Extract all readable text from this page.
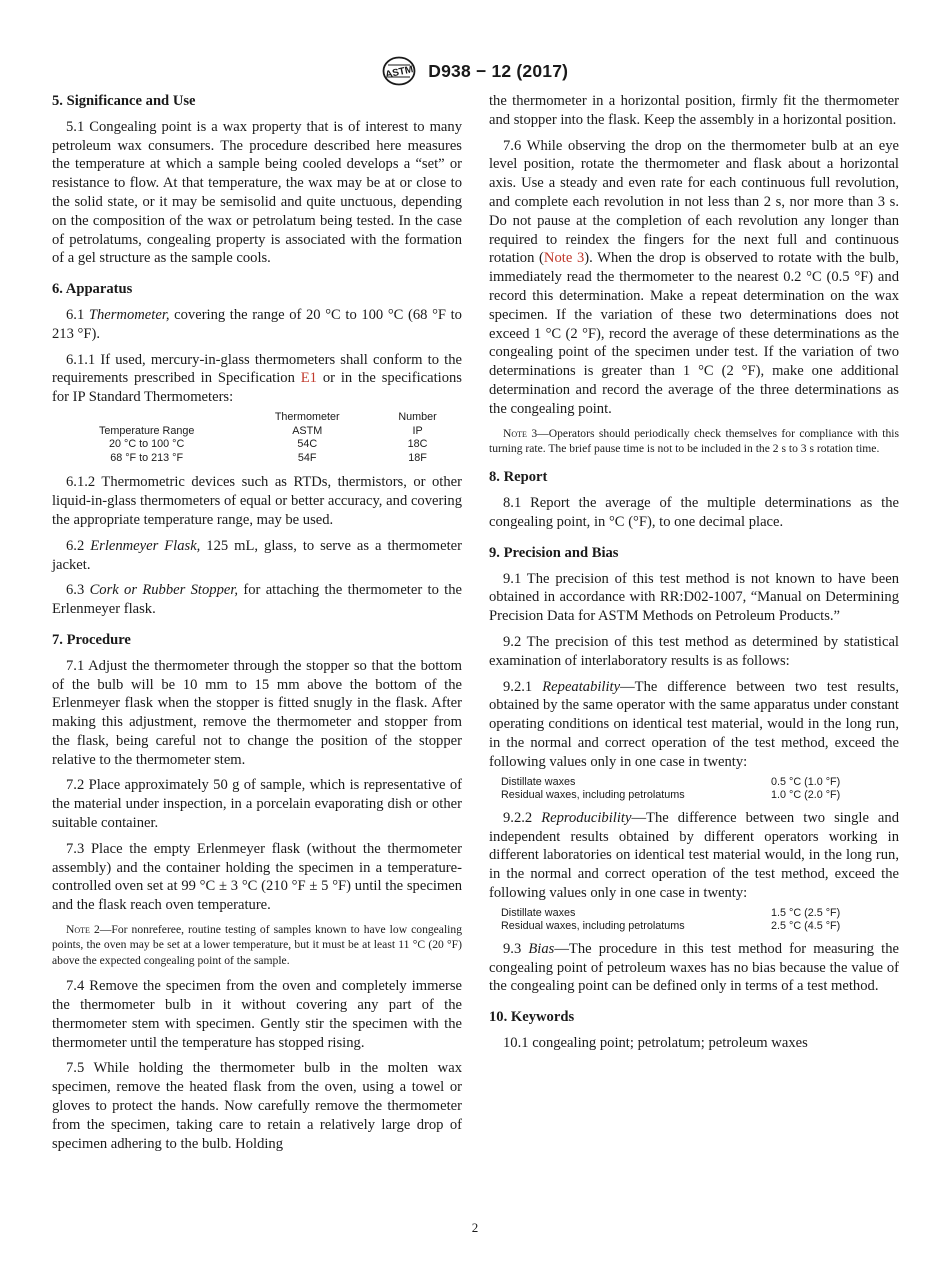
ASTM D938 − 12 (2017)
5. Significance and Use

5.1 Congealing point is a wax property that is of interest to many petroleum wax consumers. The procedure described here measures the temperature at which a sample being cooled develops a “set” or resistance to flow. At that temperature, the wax may be at or close to the solid state, or it may be semisolid and quite unctuous, depending on the composition of the wax or petrolatum being tested. In the case of petrolatums, congealing property is associated with the formation of a gel structure as the sample cools.

6. Apparatus

6.1 Thermometer, covering the range of 20 °C to 100 °C (68 °F to 213 °F).

6.1.1 If used, mercury-in-glass thermometers shall conform to the requirements prescribed in Specification E1 or in the specifications for IP Standard Thermometers:

	Thermometer	Number
Temperature Range	ASTM	IP
20 °C to 100 °C	54C	18C
68 °F to 213 °F	54F	18F

6.1.2 Thermometric devices such as RTDs, thermistors, or other liquid-in-glass thermometers of equal or better accuracy, and covering the appropriate temperature range, may be used.

6.2 Erlenmeyer Flask, 125 mL, glass, to serve as a thermometer jacket.

6.3 Cork or Rubber Stopper, for attaching the thermometer to the Erlenmeyer flask.

7. Procedure

7.1 Adjust the thermometer through the stopper so that the bottom of the bulb will be 10 mm to 15 mm above the bottom of the Erlenmeyer flask when the stopper is fitted snugly in the flask. After making this adjustment, remove the thermometer and stopper from the flask, being careful not to change the position of the stopper relative to the thermometer stem.

7.2 Place approximately 50 g of sample, which is representative of the material under inspection, in a porcelain evaporating dish or other suitable container.

7.3 Place the empty Erlenmeyer flask (without the thermometer assembly) and the container holding the specimen in a temperature-controlled oven set at 99 °C ± 3 °C (210 °F ± 5 °F) until the specimen and the flask reach oven temperature.

Note 2—For nonreferee, routine testing of samples known to have low congealing points, the oven may be set at a lower temperature, but it must be at least 11 °C (20 °F) above the expected congealing point of the sample.

7.4 Remove the specimen from the oven and completely immerse the thermometer bulb in it without covering any part of the thermometer stem with specimen. Gently stir the specimen with the thermometer until the temperature has stopped rising.

7.5 While holding the thermometer bulb in the molten wax specimen, remove the heated flask from the oven, using a towel or gloves to protect the hands. Now carefully remove the thermometer from the specimen, taking care to retain a relatively large drop of specimen adhering to the bulb. Holding

the thermometer in a horizontal position, firmly fit the thermometer and stopper into the flask. Keep the assembly in a horizontal position.

7.6 While observing the drop on the thermometer bulb at an eye level position, rotate the thermometer and flask about a horizontal axis. Use a steady and even rate for each continuous full revolution, and complete each revolution in not less than 2 s, nor more than 3 s. Do not pause at the completion of each revolution any longer than required to reindex the fingers for the next full and continuous rotation (Note 3). When the drop is observed to rotate with the bulb, immediately read the thermometer to the nearest 0.2 °C (0.5 °F) and record this determination. Make a repeat determination on the wax specimen. If the variation of these two determinations does not exceed 1 °C (2 °F), record the average of these determinations as the congealing point of the specimen under test. If the variation of two determinations is greater than 1 °C (2 °F), make one additional determination and record the average of the three determinations as the congealing point.

Note 3—Operators should periodically check themselves for compliance with this turning rate. The brief pause time is not to be included in the 2 s to 3 s rotation time.
8. Report

8.1 Report the average of the multiple determinations as the congealing point, in °C (°F), to one decimal place.

9. Precision and Bias

9.1 The precision of this test method is not known to have been obtained in accordance with RR:D02-1007, “Manual on Determining Precision Data for ASTM Methods on Petroleum Products.”

9.2 The precision of this test method as determined by statistical examination of interlaboratory results is as follows:

9.2.1 Repeatability—The difference between two test results, obtained by the same operator with the same apparatus under constant operating conditions on identical test material, would in the long run, in the normal and correct operation of the test method, exceed the following values only in one case in twenty:

Distillate waxes	0.5 °C (1.0 °F)
Residual waxes, including petrolatums	1.0 °C (2.0 °F)

9.2.2 Reproducibility—The difference between two single and independent results obtained by different operators working in different laboratories on identical test material would, in the long run, in the normal and correct operation of the test method, exceed the following values only in one case in twenty:

Distillate waxes	1.5 °C (2.5 °F)
Residual waxes, including petrolatums	2.5 °C (4.5 °F)

9.3 Bias—The procedure in this test method for measuring the congealing point of petroleum waxes has no bias because the value of the congealing point can be defined only in terms of a test method.

10. Keywords

10.1 congealing point; petrolatum; petroleum waxes

2
